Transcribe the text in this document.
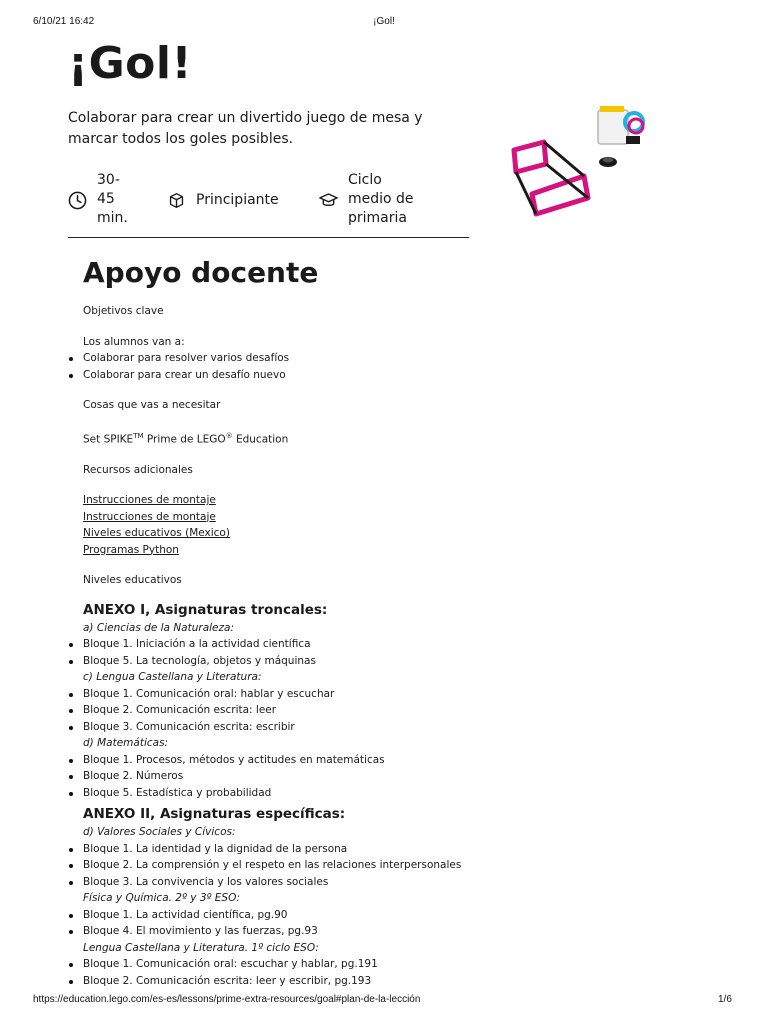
6/10/21 16:42	¡Gol!
¡Gol!
Colaborar para crear un divertido juego de mesa y marcar todos los goles posibles.
30-
45
min.
Principiante
Ciclo
medio de
primaria
Apoyo docente

Objetivos clave

Los alumnos van a:

Colaborar para resolver varios desafíos
Colaborar para crear un desafío nuevo

Cosas que vas a necesitar

Set SPIKE™ Prime de LEGO® Education

Recursos adicionales

Instrucciones de montaje

Instrucciones de montaje

Niveles educativos (Mexico)

Programas Python

Niveles educativos

ANEXO I, Asignaturas troncales:

a) Ciencias de la Naturaleza:

Bloque 1. Iniciación a la actividad científica
Bloque 5. La tecnología, objetos y máquinas

c) Lengua Castellana y Literatura:

Bloque 1. Comunicación oral: hablar y escuchar
Bloque 2. Comunicación escrita: leer
Bloque 3. Comunicación escrita: escribir

d) Matemáticas:

Bloque 1. Procesos, métodos y actitudes en matemáticas
Bloque 2. Números
Bloque 5. Estadística y probabilidad

ANEXO II, Asignaturas específicas:

d) Valores Sociales y Cívicos:

Bloque 1. La identidad y la dignidad de la persona
Bloque 2. La comprensión y el respeto en las relaciones interpersonales
Bloque 3. La convivencia y los valores sociales

Física y Química. 2º y 3º ESO:

Bloque 1. La actividad científica, pg.90
Bloque 4. El movimiento y las fuerzas, pg.93

Lengua Castellana y Literatura. 1º ciclo ESO:

Bloque 1. Comunicación oral: escuchar y hablar, pg.191
Bloque 2. Comunicación escrita: leer y escribir, pg.193
https://education.lego.com/es-es/lessons/prime-extra-resources/goal#plan-de-la-lección	1/6
